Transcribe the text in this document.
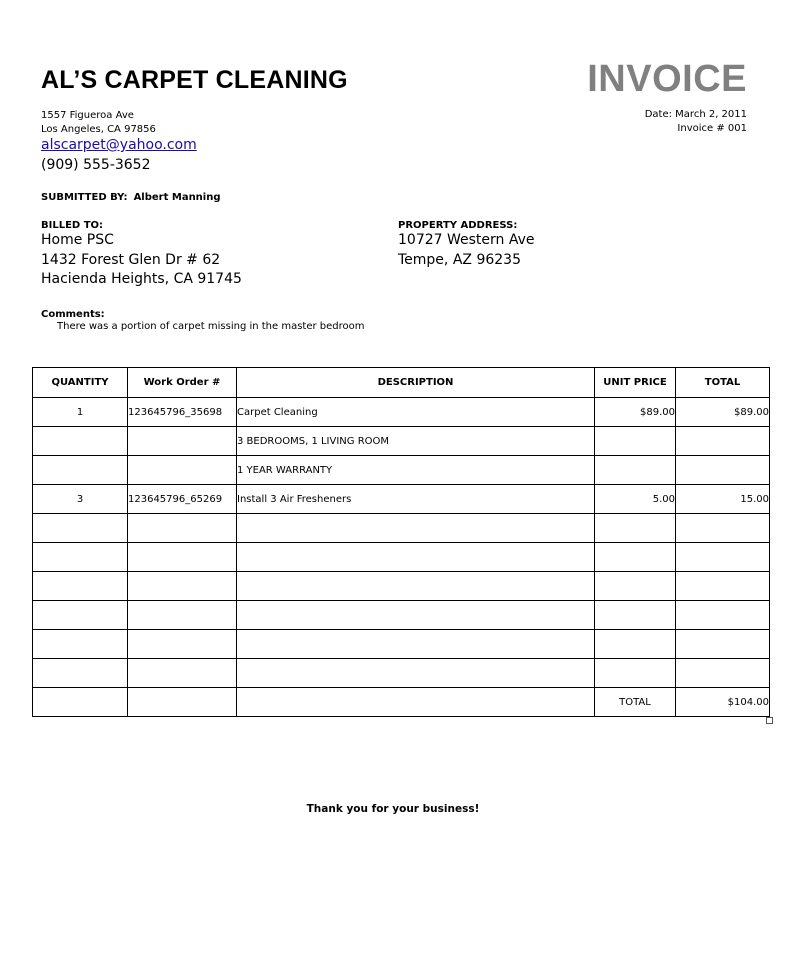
AL’S CARPET CLEANING	INVOICE
1557 Figueroa Ave
Los Angeles, CA 97856
alscarpet@yahoo.com
(909) 555-3652
Date: March 2, 2011
Invoice # 001
SUBMITTED BY: Albert Manning
BILLED TO:
Home PSC
1432 Forest Glen Dr # 62
Hacienda Heights, CA 91745
PROPERTY ADDRESS:
10727 Western Ave
Tempe, AZ 96235
Comments:
There was a portion of carpet missing in the master bedroom
QUANTITY	Work Order #	DESCRIPTION	UNIT PRICE	TOTAL
1	123645796_35698	Carpet Cleaning	$89.00	$89.00
		3 BEDROOMS, 1 LIVING ROOM		
		1 YEAR WARRANTY		
3	123645796_65269	Install 3 Air Fresheners	5.00	15.00

			TOTAL	$104.00
Thank you for your business!
